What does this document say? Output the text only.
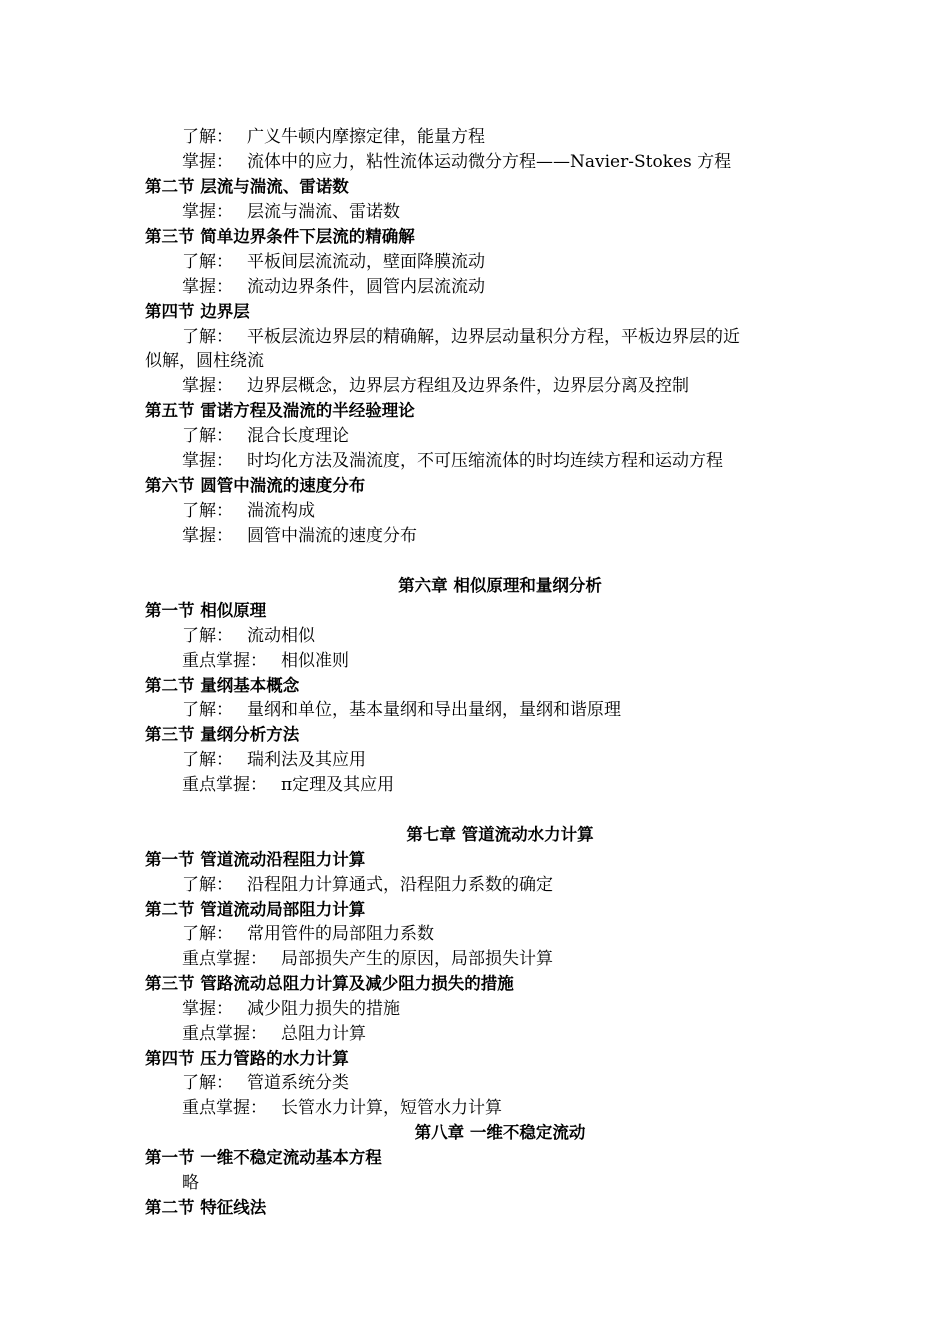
了解： 广义牛顿内摩擦定律，能量方程
掌握： 流体中的应力，粘性流体运动微分方程——Navier-Stokes 方程
第二节 层流与湍流、雷诺数
掌握： 层流与湍流、雷诺数
第三节 简单边界条件下层流的精确解
了解： 平板间层流流动，壁面降膜流动
掌握： 流动边界条件，圆管内层流流动
第四节 边界层
了解： 平板层流边界层的精确解，边界层动量积分方程，平板边界层的近
似解，圆柱绕流
掌握： 边界层概念，边界层方程组及边界条件，边界层分离及控制
第五节 雷诺方程及湍流的半经验理论
了解： 混合长度理论
掌握： 时均化方法及湍流度，不可压缩流体的时均连续方程和运动方程
第六节 圆管中湍流的速度分布
了解： 湍流构成
掌握： 圆管中湍流的速度分布
第六章 相似原理和量纲分析
第一节 相似原理
了解： 流动相似
重点掌握： 相似准则
第二节 量纲基本概念
了解： 量纲和单位，基本量纲和导出量纲，量纲和谐原理
第三节 量纲分析方法
了解： 瑞利法及其应用
重点掌握： π定理及其应用
第七章 管道流动水力计算
第一节 管道流动沿程阻力计算
了解： 沿程阻力计算通式，沿程阻力系数的确定
第二节 管道流动局部阻力计算
了解： 常用管件的局部阻力系数
重点掌握： 局部损失产生的原因，局部损失计算
第三节 管路流动总阻力计算及减少阻力损失的措施
掌握： 减少阻力损失的措施
重点掌握： 总阻力计算
第四节 压力管路的水力计算
了解： 管道系统分类
重点掌握： 长管水力计算，短管水力计算
第八章 一维不稳定流动
第一节 一维不稳定流动基本方程
略
第二节 特征线法
